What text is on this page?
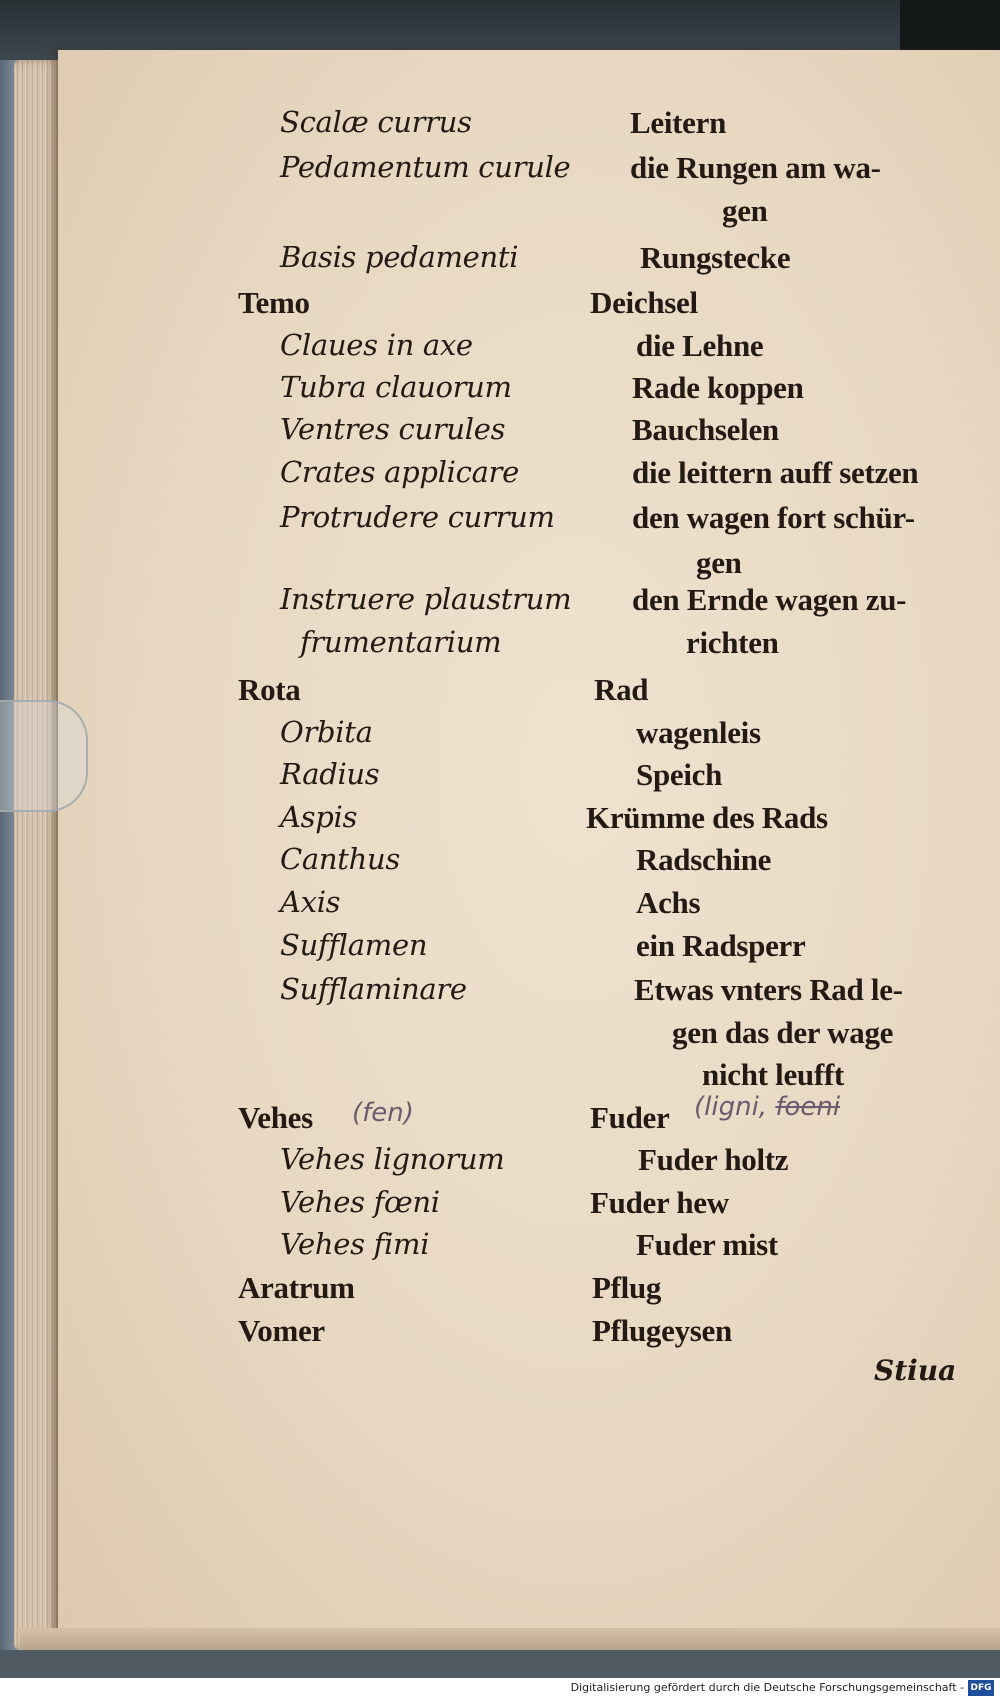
Scalæ currus
Pedamentum curule
Basis pedamenti
Temo
Claues in axe
Tubra clauorum
Ventres curules
Crates applicare
Protrudere currum
Instruere plaustrum
frumentarium
Rota
Orbita
Radius
Aspis
Canthus
Axis
Sufflamen
Sufflaminare
Vehes
Vehes lignorum
Vehes fœni
Vehes fimi
Aratrum
Vomer
Leitern
die Rungen am wa-
gen
Rungstecke
Deichsel
die Lehne
Rade koppen
Bauchselen
die leittern auff setzen
den wagen fort schür-
gen
den Ernde wagen zu-
richten
Rad
wagenleis
Speich
Krümme des Rads
Radschine
Achs
ein Radsperr
Etwas vnters Rad le-
gen das der wage
nicht leufft
Fuder
Fuder holtz
Fuder hew
Fuder mist
Pflug
Pflugeysen
(fen)	(ligni, foeni
Stiua
Digitalisierung gefördert durch die Deutsche Forschungsgemeinschaft - DFG
